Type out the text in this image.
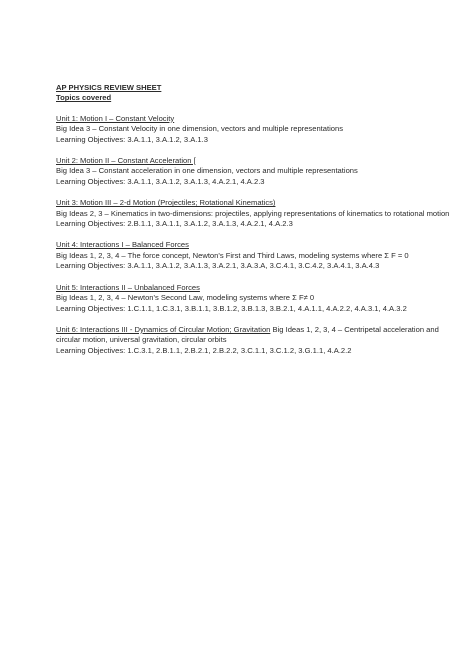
AP PHYSICS REVIEW SHEET
Topics covered
Unit 1: Motion I – Constant Velocity
Big Idea 3 – Constant Velocity in one dimension, vectors and multiple representations
Learning Objectives: 3.A.1.1, 3.A.1.2, 3.A.1.3
Unit 2: Motion II – Constant Acceleration [
Big Idea 3 – Constant acceleration in one dimension, vectors and multiple representations
Learning Objectives: 3.A.1.1, 3.A.1.2, 3.A.1.3, 4.A.2.1, 4.A.2.3
Unit 3: Motion III – 2-d Motion (Projectiles; Rotational Kinematics)
Big Ideas 2, 3 – Kinematics in two-dimensions: projectiles, applying representations of kinematics to rotational motion
Learning Objectives: 2.B.1.1, 3.A.1.1, 3.A.1.2, 3.A.1.3, 4.A.2.1, 4.A.2.3
Unit 4: Interactions I – Balanced Forces
Big Ideas 1, 2, 3, 4 – The force concept, Newton's First and Third Laws, modeling systems where Σ F = 0
Learning Objectives: 3.A.1.1, 3.A.1.2, 3.A.1.3, 3.A.2.1, 3.A.3.A, 3.C.4.1, 3.C.4.2, 3.A.4.1, 3.A.4.3
Unit 5: Interactions II – Unbalanced Forces
Big Ideas 1, 2, 3, 4 – Newton's Second Law, modeling systems where Σ F≠ 0
Learning Objectives: 1.C.1.1, 1.C.3.1, 3.B.1.1, 3.B.1.2, 3.B.1.3, 3.B.2.1, 4.A.1.1, 4.A.2.2, 4.A.3.1, 4.A.3.2
Unit 6: Interactions III - Dynamics of Circular Motion; Gravitation Big Ideas 1, 2, 3, 4 – Centripetal acceleration and circular motion, universal gravitation, circular orbits
Learning Objectives: 1.C.3.1, 2.B.1.1, 2.B.2.1, 2.B.2.2, 3.C.1.1, 3.C.1.2, 3.G.1.1, 4.A.2.2
